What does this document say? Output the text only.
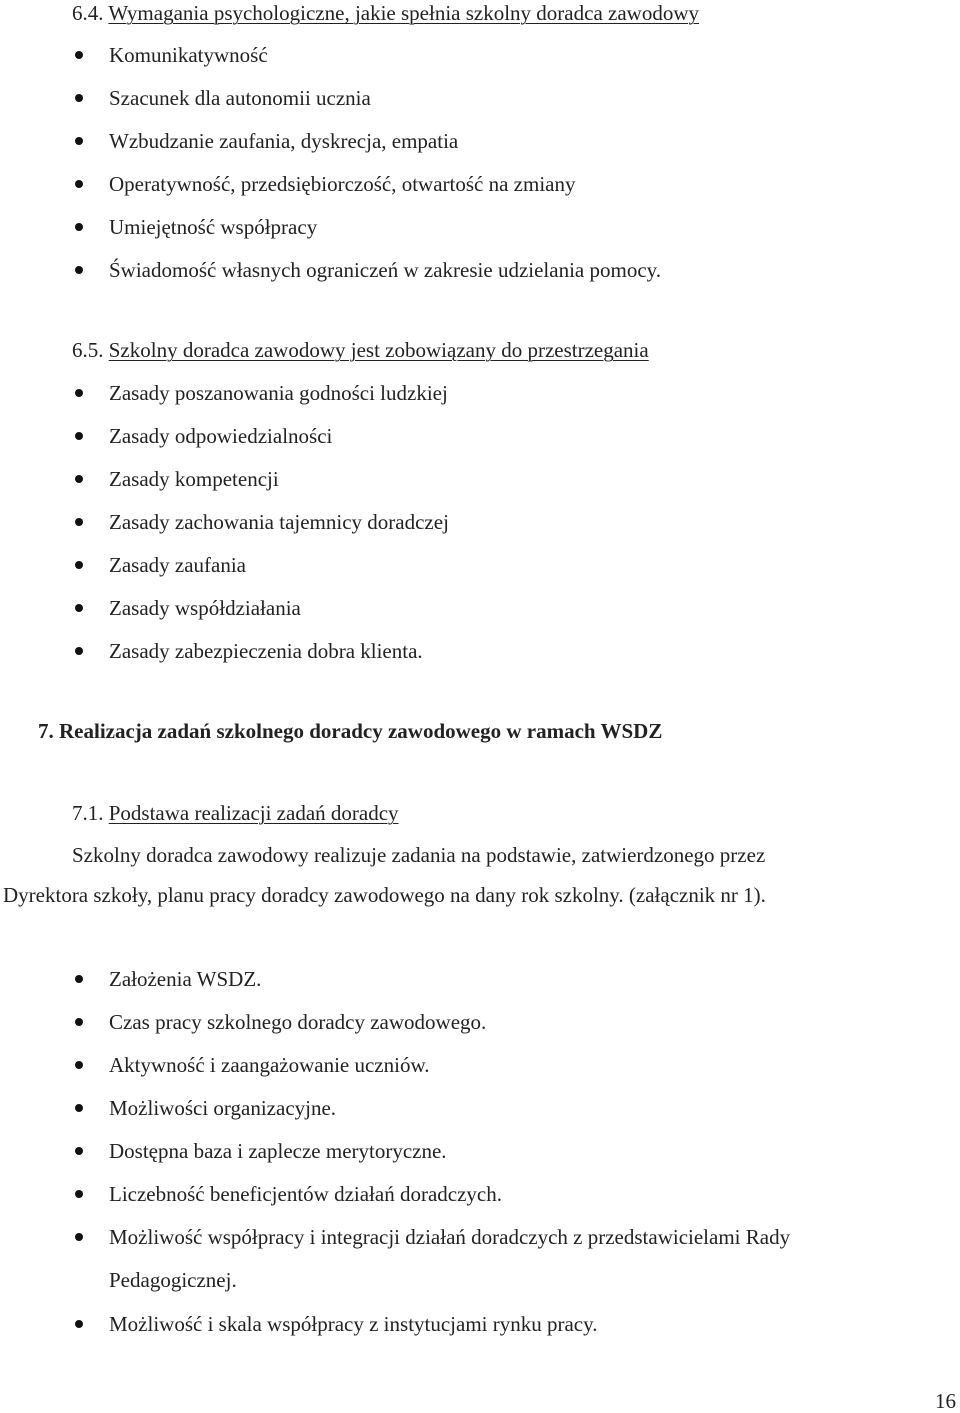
6.4. Wymagania psychologiczne, jakie spełnia szkolny doradca zawodowy
Komunikatywność
Szacunek dla autonomii ucznia
Wzbudzanie zaufania, dyskrecja, empatia
Operatywność, przedsiębiorczość, otwartość na zmiany
Umiejętność współpracy
Świadomość własnych ograniczeń w zakresie udzielania pomocy.
6.5. Szkolny doradca zawodowy jest zobowiązany do przestrzegania
Zasady poszanowania godności ludzkiej
Zasady odpowiedzialności
Zasady kompetencji
Zasady zachowania tajemnicy doradczej
Zasady zaufania
Zasady współdziałania
Zasady zabezpieczenia dobra klienta.
7. Realizacja zadań szkolnego doradcy zawodowego w ramach WSDZ
7.1. Podstawa realizacji zadań doradcy
Szkolny doradca zawodowy realizuje zadania na podstawie, zatwierdzonego przez
Dyrektora szkoły, planu pracy doradcy zawodowego na dany rok szkolny. (załącznik nr 1).
Założenia WSDZ.
Czas pracy szkolnego doradcy zawodowego.
Aktywność i zaangażowanie uczniów.
Możliwości organizacyjne.
Dostępna baza i zaplecze merytoryczne.
Liczebność beneficjentów działań doradczych.
Możliwość współpracy i integracji działań doradczych z przedstawicielami Rady Pedagogicznej.
Możliwość i skala współpracy z instytucjami rynku pracy.
16
